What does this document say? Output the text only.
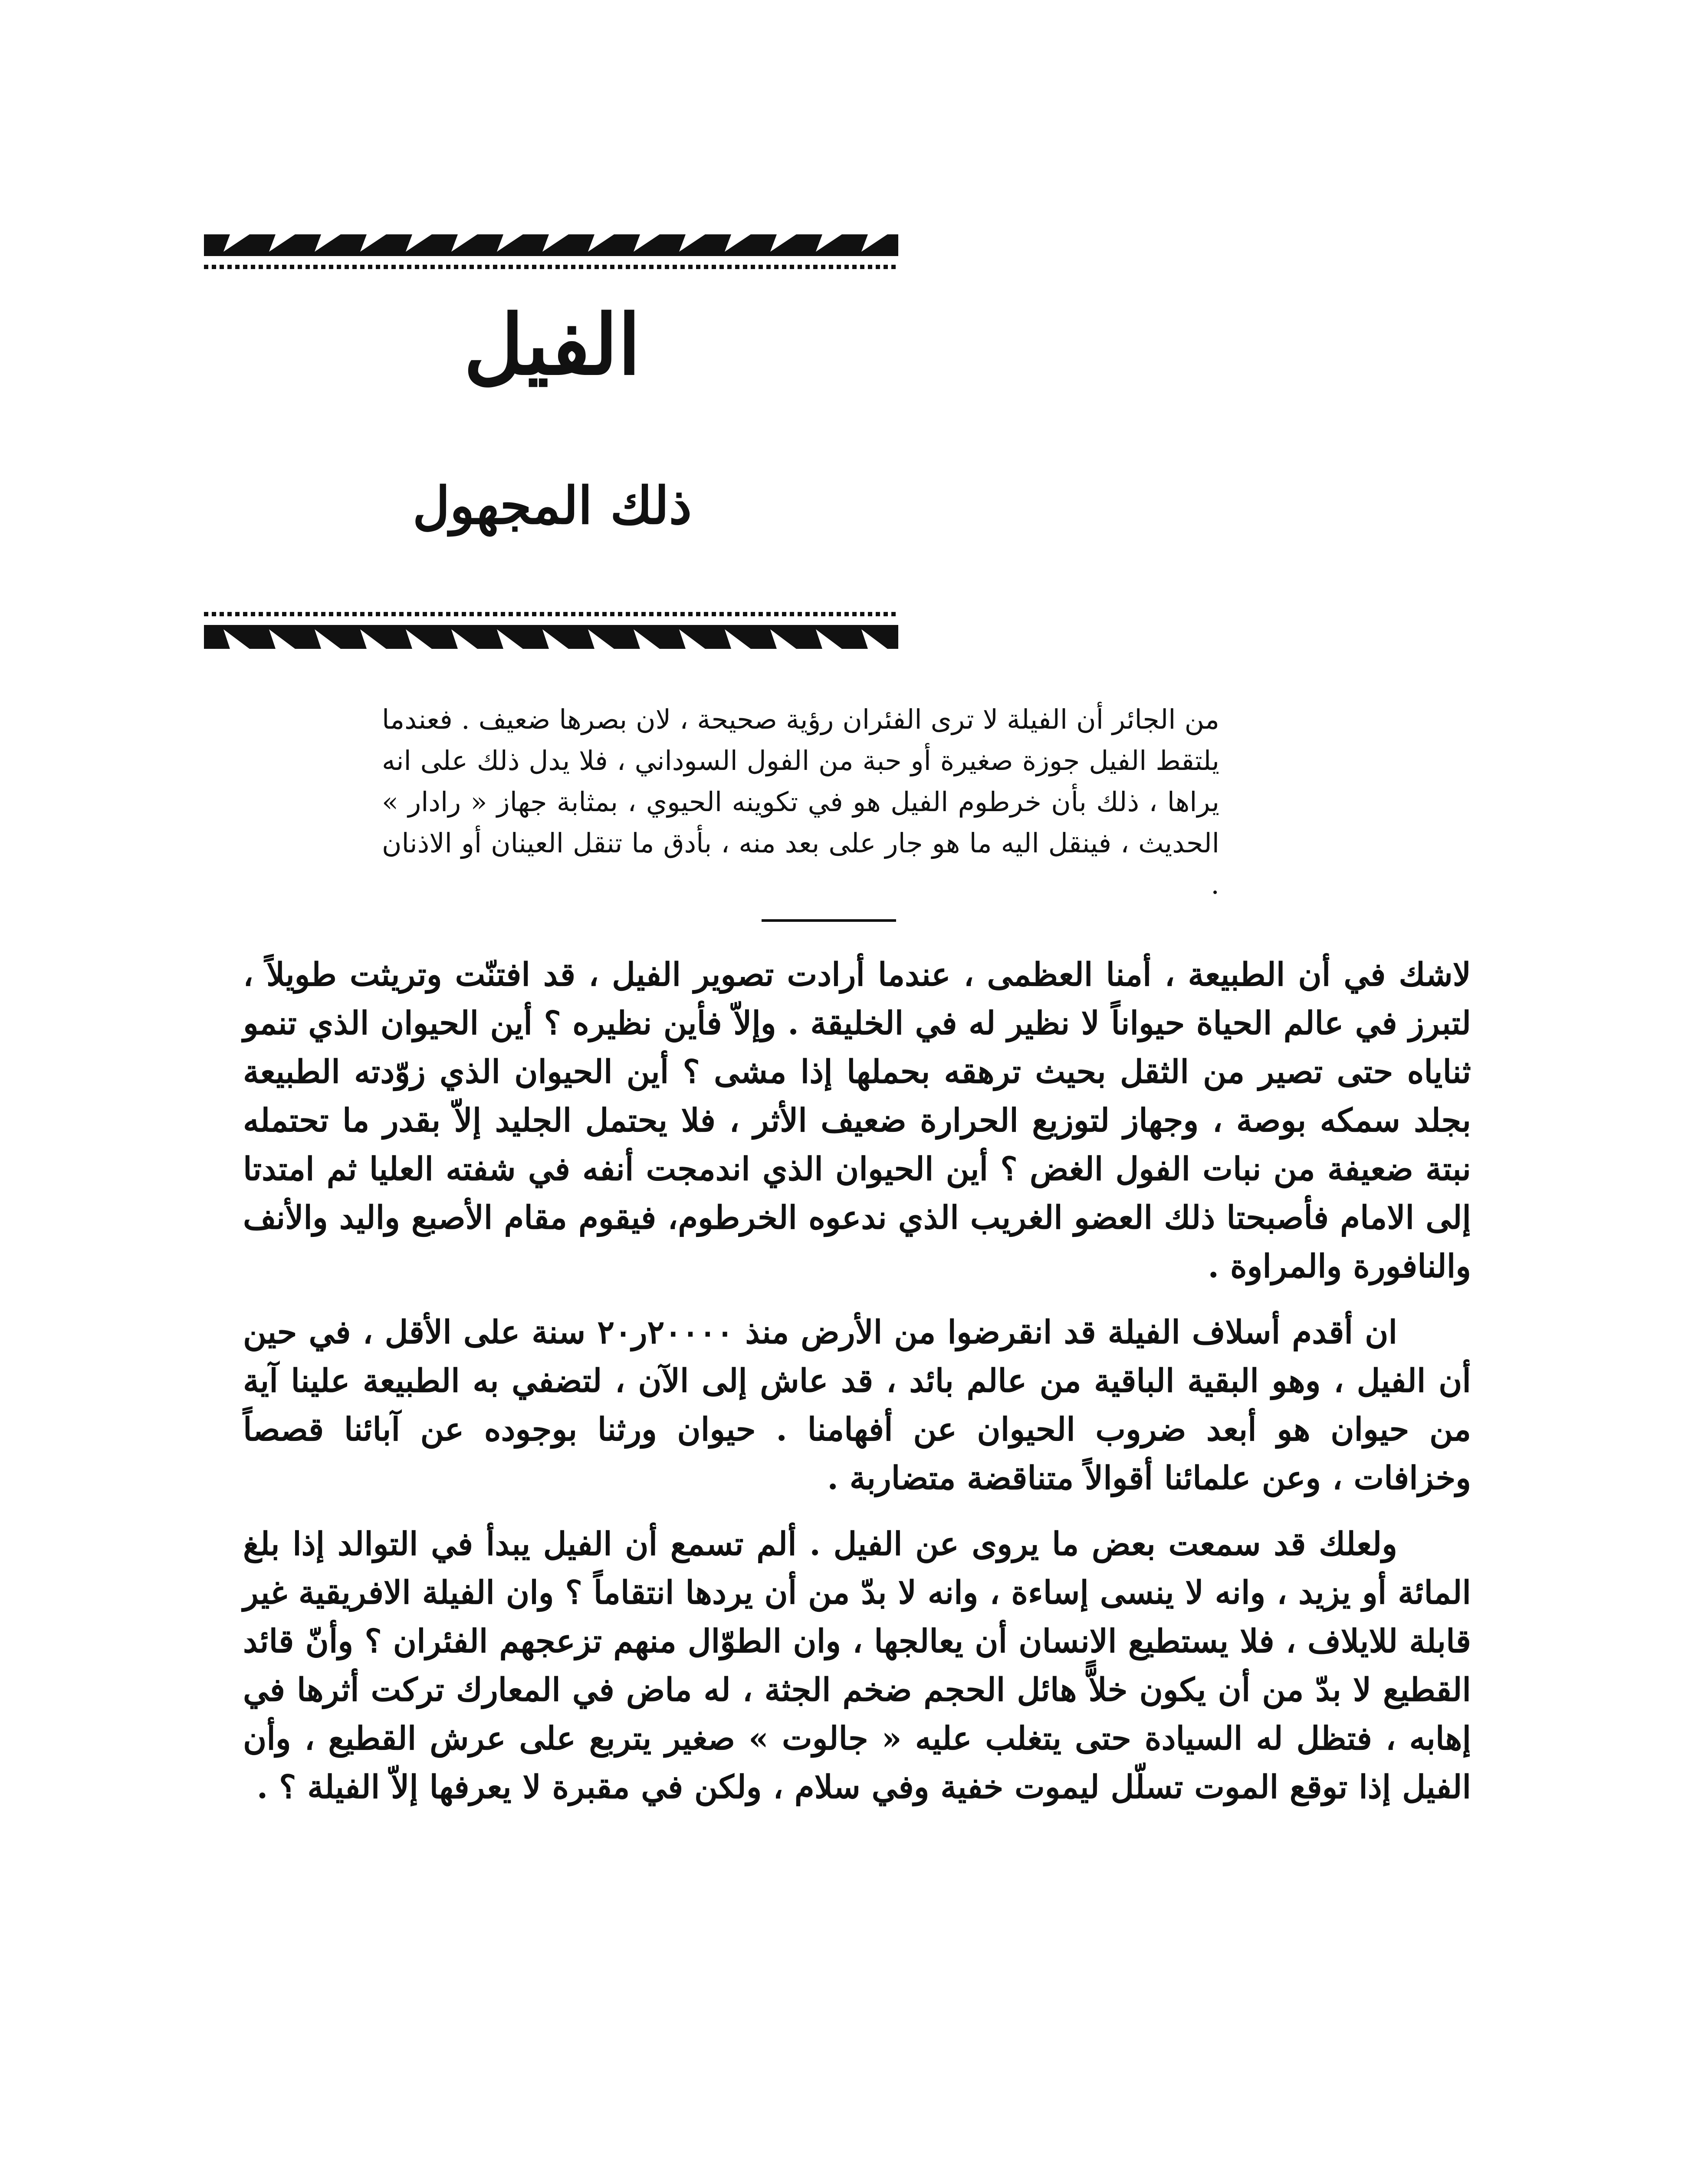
الفيل
ذلك المجهول
من الجائر أن الفيلة لا ترى الفئران رؤية صحيحة ، لان بصرها ضعيف . فعندما يلتقط الفيل جوزة صغيرة أو حبة من الفول السوداني ، فلا يدل ذلك على انه يراها ، ذلك بأن خرطوم الفيل هو في تكوينه الحيوي ، بمثابة جهاز « رادار » الحديث ، فينقل اليه ما هو جار على بعد منه ، بأدق ما تنقل العينان أو الاذنان .

لاشك في أن الطبيعة ، أمنا العظمى ، عندما أرادت تصوير الفيل ، قد افتنّت وتريثت طويلاً ، لتبرز في عالم الحياة حيواناً لا نظير له في الخليقة . وإلاّ فأين نظيره ؟ أين الحيوان الذي تنمو ثناياه حتى تصير من الثقل بحيث ترهقه بحملها إذا مشى ؟ أين الحيوان الذي زوّدته الطبيعة بجلد سمكه بوصة ، وجهاز لتوزيع الحرارة ضعيف الأثر ، فلا يحتمل الجليد إلاّ بقدر ما تحتمله نبتة ضعيفة من نبات الفول الغض ؟ أين الحيوان الذي اندمجت أنفه في شفته العليا ثم امتدتا إلى الامام فأصبحتا ذلك العضو الغريب الذي ندعوه الخرطوم، فيقوم مقام الأصبع واليد والأنف والنافورة والمراوة .

ان أقدم أسلاف الفيلة قد انقرضوا من الأرض منذ ٢٠٠٠٠ر٢٠ سنة على الأقل ، في حين أن الفيل ، وهو البقية الباقية من عالم بائد ، قد عاش إلى الآن ، لتضفي به الطبيعة علينا آية من حيوان هو أبعد ضروب الحيوان عن أفهامنا . حيوان ورثنا بوجوده عن آبائنا قصصاً وخزافات ، وعن علمائنا أقوالاً متناقضة متضاربة .

ولعلك قد سمعت بعض ما يروى عن الفيل . ألم تسمع أن الفيل يبدأ في التوالد إذا بلغ المائة أو يزيد ، وانه لا ينسى إساءة ، وانه لا بدّ من أن يردها انتقاماً ؟ وان الفيلة الافريقية غير قابلة للايلاف ، فلا يستطيع الانسان أن يعالجها ، وان الطوّال منهم تزعجهم الفئران ؟ وأنّ قائد القطيع لا بدّ من أن يكون خلاًّ هائل الحجم ضخم الجثة ، له ماض في المعارك تركت أثرها في إهابه ، فتظل له السيادة حتى يتغلب عليه « جالوت » صغير يتربع على عرش القطيع ، وأن الفيل إذا توقع الموت تسلّل ليموت خفية وفي سلام ، ولكن في مقبرة لا يعرفها إلاّ الفيلة ؟ .
